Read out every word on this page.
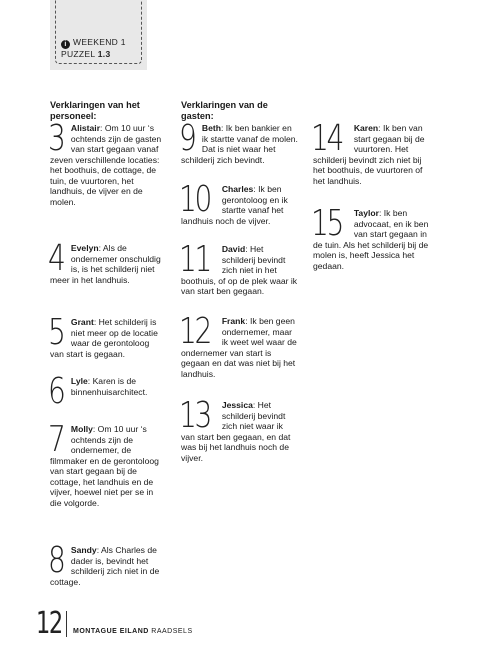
i WEEKEND 1
PUZZEL 1.3
Verklaringen van het personeel:
Verklaringen van de gasten:
3 Alistair: Om 10 uur ‘s ochtends zijn de gasten van start gegaan vanaf zeven verschillende locaties: het boothuis, de cottage, de tuin, de vuurtoren, het landhuis, de vijver en de molen.
4 Evelyn: Als de ondernemer onschuldig is, is het schilderij niet meer in het landhuis.
5 Grant: Het schilderij is niet meer op de locatie waar de gerontoloog van start is gegaan.
6 Lyle: Karen is de binnenhuisarchitect.
7 Molly: Om 10 uur ‘s ochtends zijn de ondernemer, de filmmaker en de gerontoloog van start gegaan bij de cottage, het landhuis en de vijver, hoewel niet per se in die volgorde.
8 Sandy: Als Charles de dader is, bevindt het schilderij zich niet in de cottage.
9 Beth: Ik ben bankier en ik startte vanaf de molen. Dat is niet waar het schilderij zich bevindt.
10 Charles: Ik ben gerontoloog en ik startte vanaf het landhuis noch de vijver.
11 David: Het schilderij bevindt zich niet in het boothuis, of op de plek waar ik van start ben gegaan.
12 Frank: Ik ben geen ondernemer, maar ik weet wel waar de ondernemer van start is gegaan en dat was niet bij het landhuis.
13 Jessica: Het schilderij bevindt zich niet waar ik van start ben gegaan, en dat was bij het landhuis noch de vijver.
14 Karen: Ik ben van start gegaan bij de vuurtoren. Het schilderij bevindt zich niet bij het boothuis, de vuurtoren of het landhuis.
15 Taylor: Ik ben advocaat, en ik ben van start gegaan in de tuin. Als het schilderij bij de molen is, heeft Jessica het gedaan.
12 MONTAGUE EILAND RAADSELS
